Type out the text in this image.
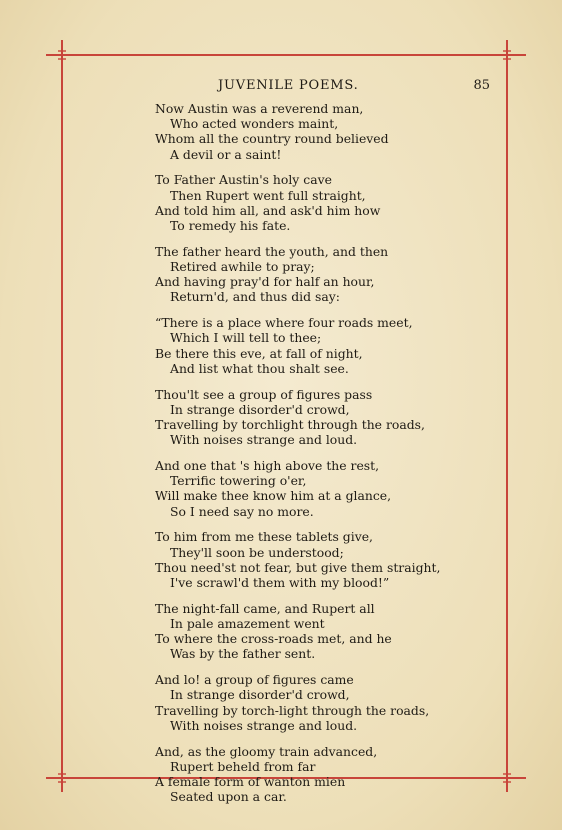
JUVENILE POEMS.	85
Now Austin was a reverend man,
Who acted wonders maint,
Whom all the country round believed
A devil or a saint!
To Father Austin's holy cave
Then Rupert went full straight,
And told him all, and ask'd him how
To remedy his fate.
The father heard the youth, and then
Retired awhile to pray;
And having pray'd for half an hour,
Return'd, and thus did say:
“There is a place where four roads meet,
Which I will tell to thee;
Be there this eve, at fall of night,
And list what thou shalt see.
Thou'lt see a group of figures pass
In strange disorder'd crowd,
Travelling by torchlight through the roads,
With noises strange and loud.
And one that 's high above the rest,
Terrific towering o'er,
Will make thee know him at a glance,
So I need say no more.
To him from me these tablets give,
They'll soon be understood;
Thou need'st not fear, but give them straight,
I've scrawl'd them with my blood!”
The night-fall came, and Rupert all
In pale amazement went
To where the cross-roads met, and he
Was by the father sent.
And lo! a group of figures came
In strange disorder'd crowd,
Travelling by torch-light through the roads,
With noises strange and loud.
And, as the gloomy train advanced,
Rupert beheld from far
A female form of wanton mien
Seated upon a car.
